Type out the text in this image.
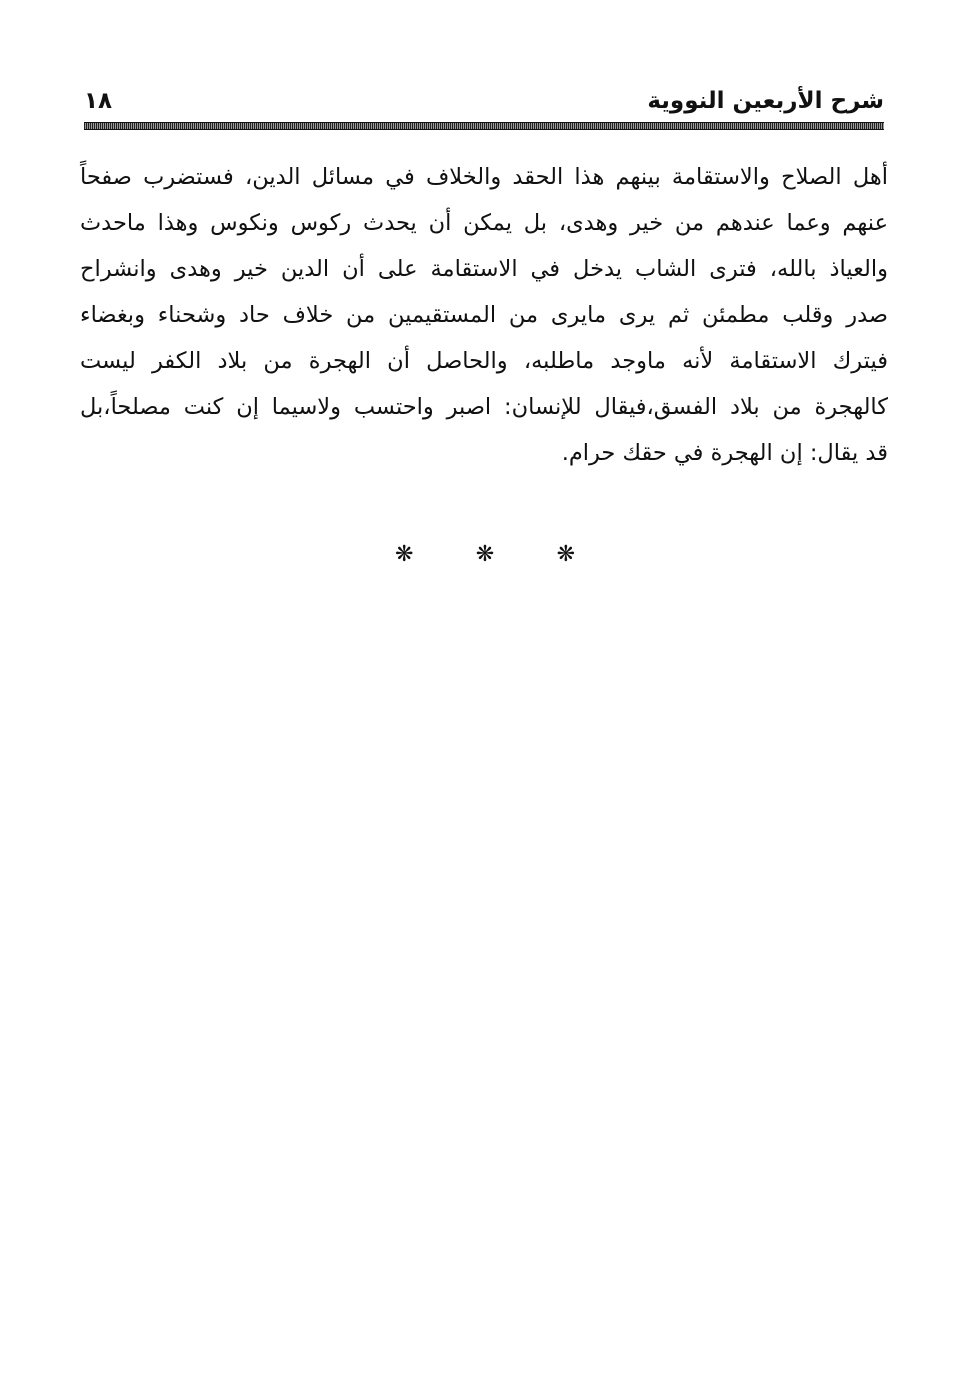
شرح الأربعين النووية
١٨
أهل الصلاح والاستقامة بينهم هذا الحقد والخلاف في مسائل الدين، فستضرب صفحاً
عنهم وعما عندهم من خير وهدى، بل يمكن أن يحدث ركوس ونكوس وهذا ماحدث
والعياذ بالله، فترى الشاب يدخل في الاستقامة على أن الدين خير وهدى وانشراح
صدر وقلب مطمئن ثم يرى مايرى من المستقيمين من خلاف حاد وشحناء وبغضاء
فيترك الاستقامة لأنه ماوجد ماطلبه، والحاصل أن الهجرة من بلاد الكفر ليست
كالهجرة من بلاد الفسق،فيقال للإنسان: اصبر واحتسب ولاسيما إن كنت مصلحاً،بل
قد يقال: إن الهجرة في حقك حرام.
❋	❋	❋
